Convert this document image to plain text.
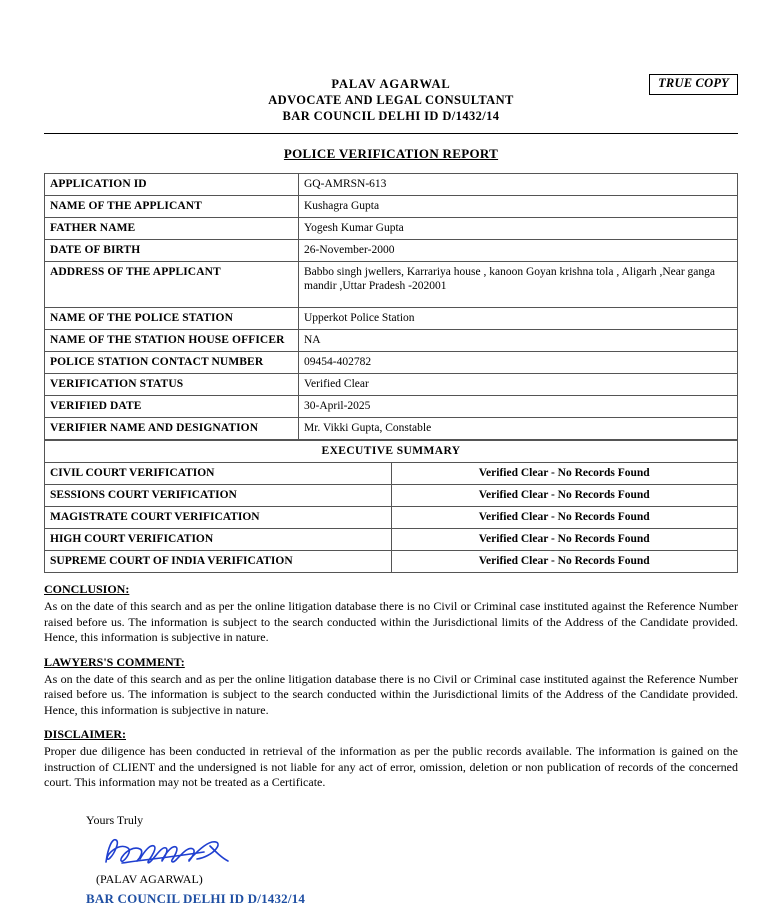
TRUE COPY
PALAV AGARWAL
ADVOCATE AND LEGAL CONSULTANT
BAR COUNCIL DELHI ID D/1432/14
POLICE VERIFICATION REPORT
APPLICATION ID	GQ-AMRSN-613
NAME OF THE APPLICANT	Kushagra Gupta
FATHER NAME	Yogesh Kumar Gupta
DATE OF BIRTH	26-November-2000
ADDRESS OF THE APPLICANT	Babbo singh jwellers, Karrariya house , kanoon Goyan krishna tola , Aligarh ,Near ganga mandir ,Uttar Pradesh -202001
NAME OF THE POLICE STATION	Upperkot Police Station
NAME OF THE STATION HOUSE OFFICER	NA
POLICE STATION CONTACT NUMBER	09454-402782
VERIFICATION STATUS	Verified Clear
VERIFIED DATE	30-April-2025
VERIFIER NAME AND DESIGNATION	Mr. Vikki Gupta, Constable
EXECUTIVE SUMMARY	
CIVIL COURT VERIFICATION	Verified Clear - No Records Found
SESSIONS COURT VERIFICATION	Verified Clear - No Records Found
MAGISTRATE COURT VERIFICATION	Verified Clear - No Records Found
HIGH COURT VERIFICATION	Verified Clear - No Records Found
SUPREME COURT OF INDIA VERIFICATION	Verified Clear - No Records Found
CONCLUSION:
As on the date of this search and as per the online litigation database there is no Civil or Criminal case instituted against the Reference Number raised before us. The information is subject to the search conducted within the Jurisdictional limits of the Address of the Candidate provided. Hence, this information is subjective in nature.
LAWYERS'S COMMENT:
As on the date of this search and as per the online litigation database there is no Civil or Criminal case instituted against the Reference Number raised before us. The information is subject to the search conducted within the Jurisdictional limits of the Address of the Candidate provided. Hence, this information is subjective in nature.
DISCLAIMER:
Proper due diligence has been conducted in retrieval of the information as per the public records available. The information is gained on the instruction of CLIENT and the undersigned is not liable for any act of error, omission, deletion or non publication of records of the concerned court. This information may not be treated as a Certificate.
Yours Truly
(PALAV AGARWAL)
BAR COUNCIL DELHI ID D/1432/14
